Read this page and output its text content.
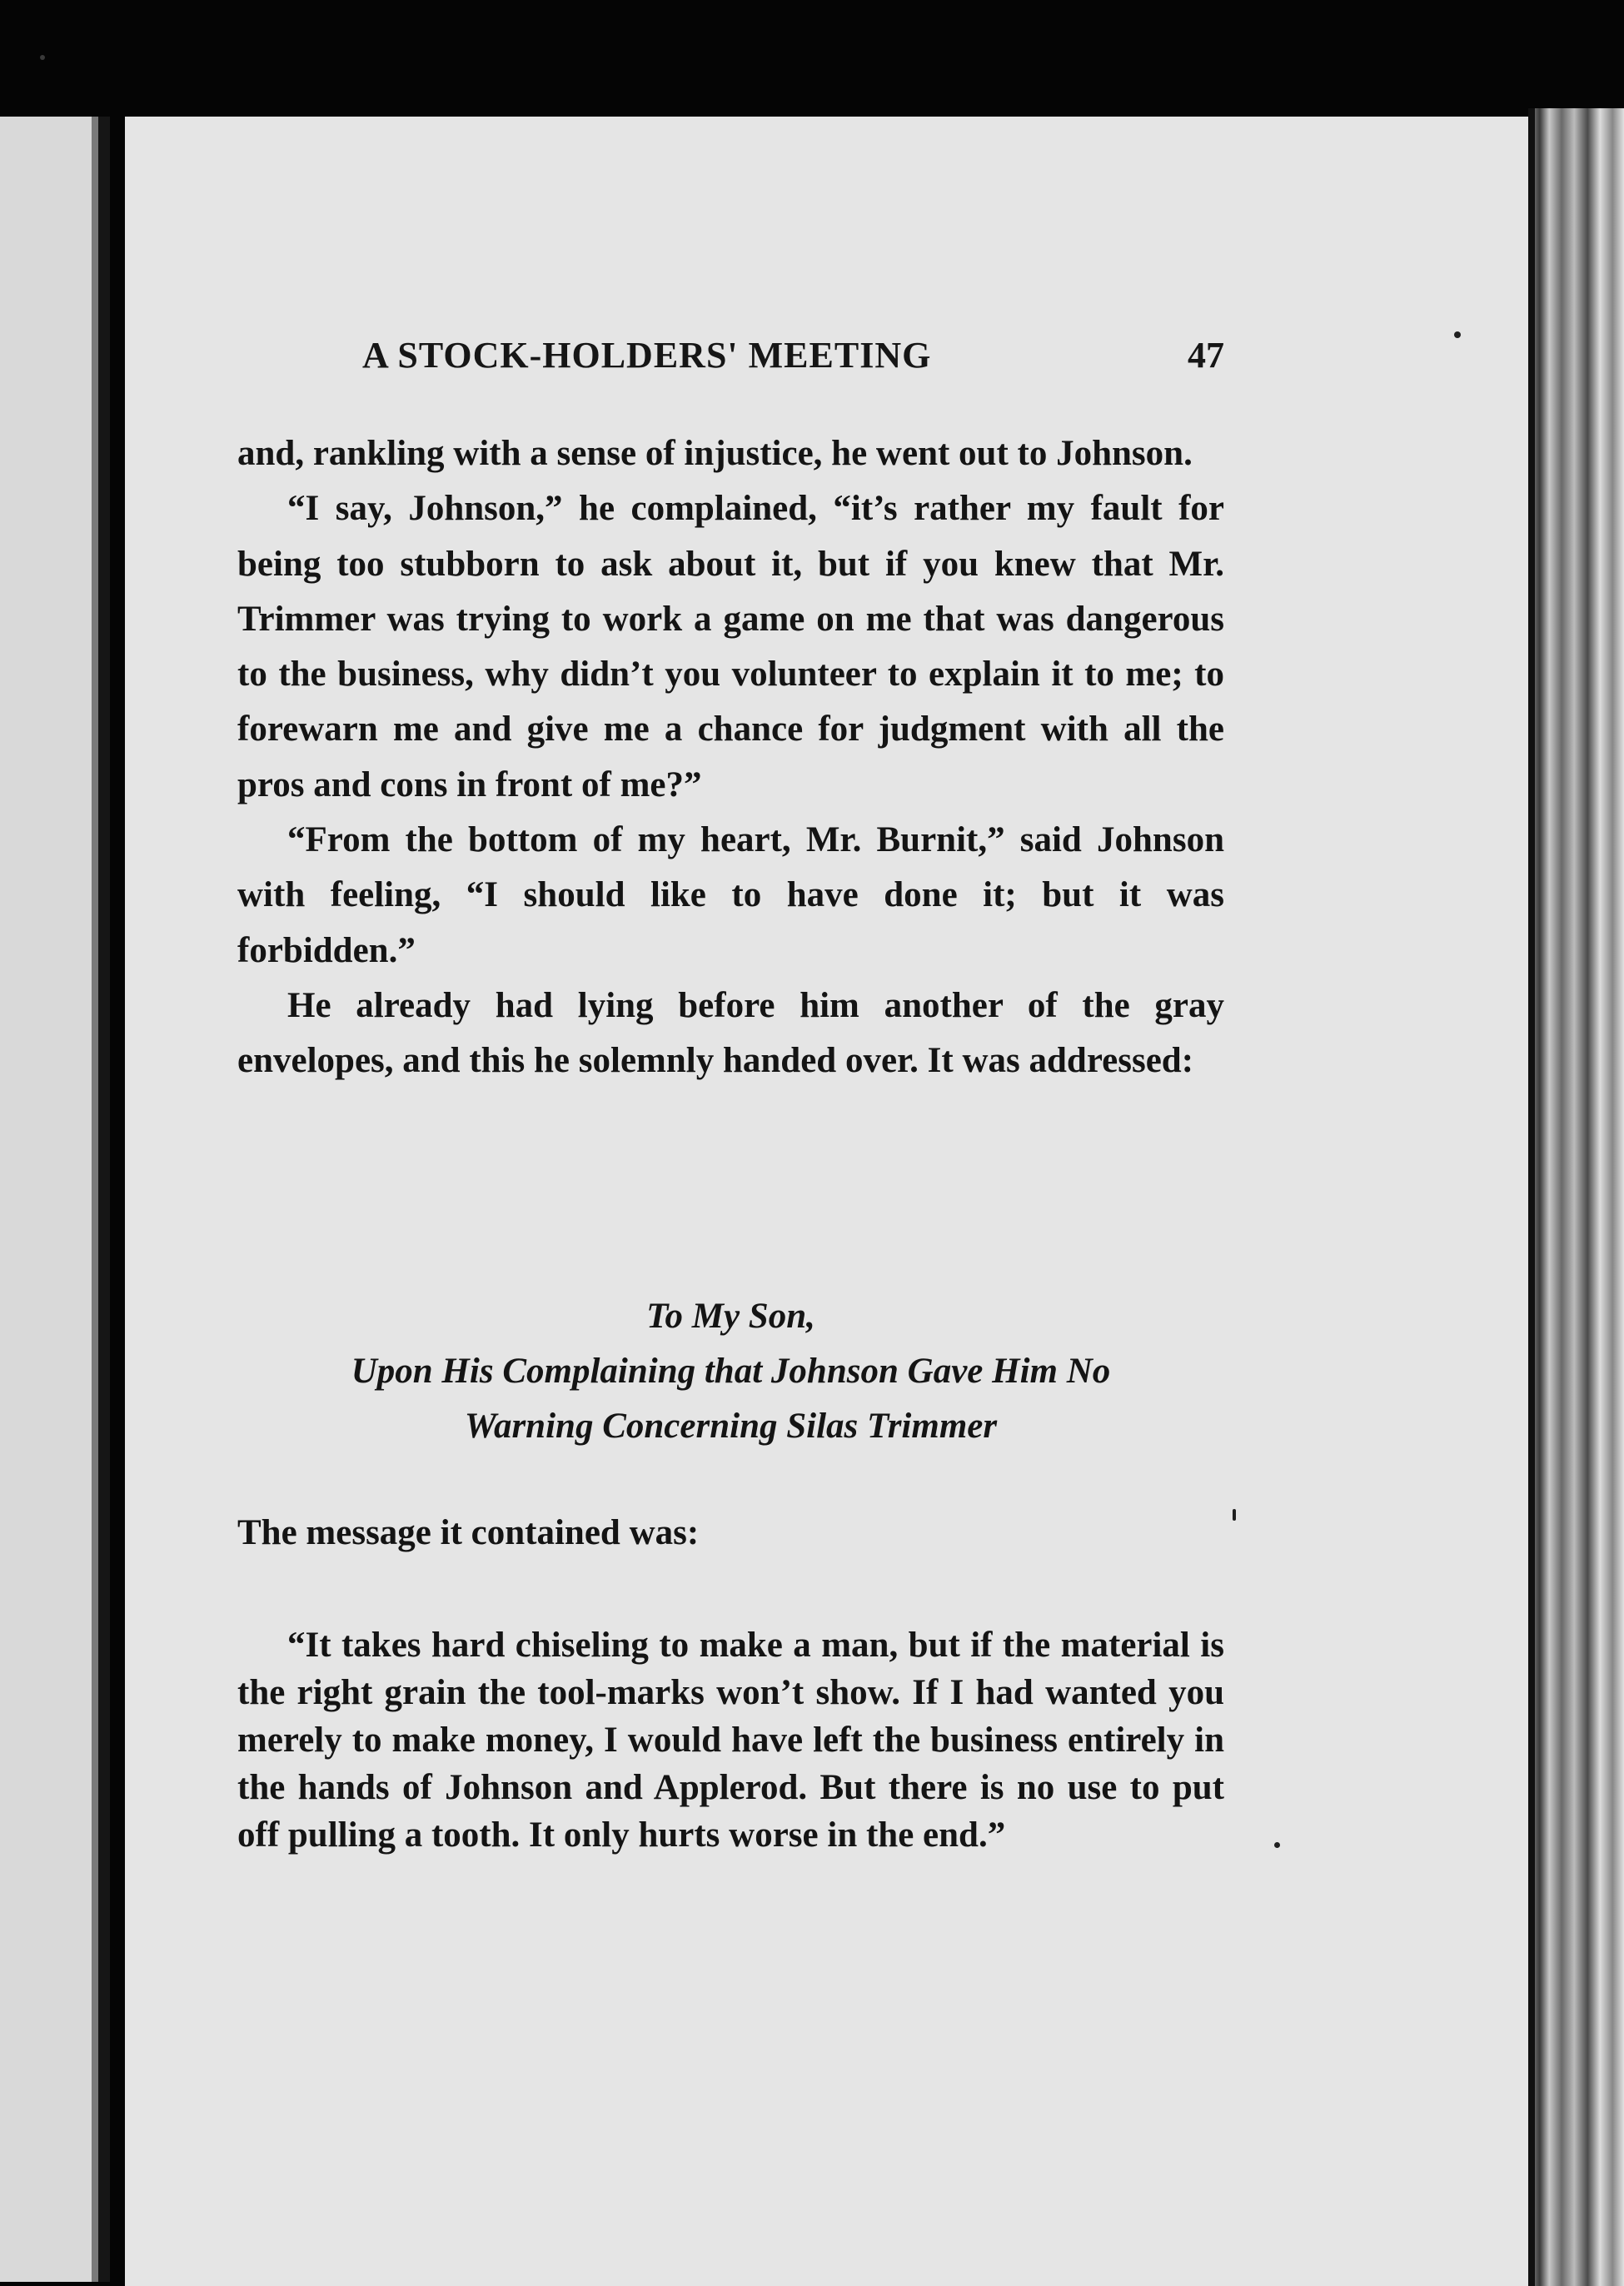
A STOCK-HOLDERS' MEETING	47

and, rankling with a sense of injustice, he went out to Johnson.

“I say, Johnson,” he complained, “it’s rather my fault for being too stubborn to ask about it, but if you knew that Mr. Trimmer was trying to work a game on me that was dangerous to the business, why didn’t you volunteer to explain it to me; to forewarn me and give me a chance for judgment with all the pros and cons in front of me?”

“From the bottom of my heart, Mr. Burnit,” said Johnson with feeling, “I should like to have done it; but it was forbidden.”

He already had lying before him another of the gray envelopes, and this he solemnly handed over. It was addressed:

To My Son,
Upon His Complaining that Johnson Gave Him No
Warning Concerning Silas Trimmer

The message it contained was:

“It takes hard chiseling to make a man, but if the material is the right grain the tool-marks won’t show. If I had wanted you merely to make money, I would have left the business entirely in the hands of Johnson and Applerod. But there is no use to put off pulling a tooth. It only hurts worse in the end.”
